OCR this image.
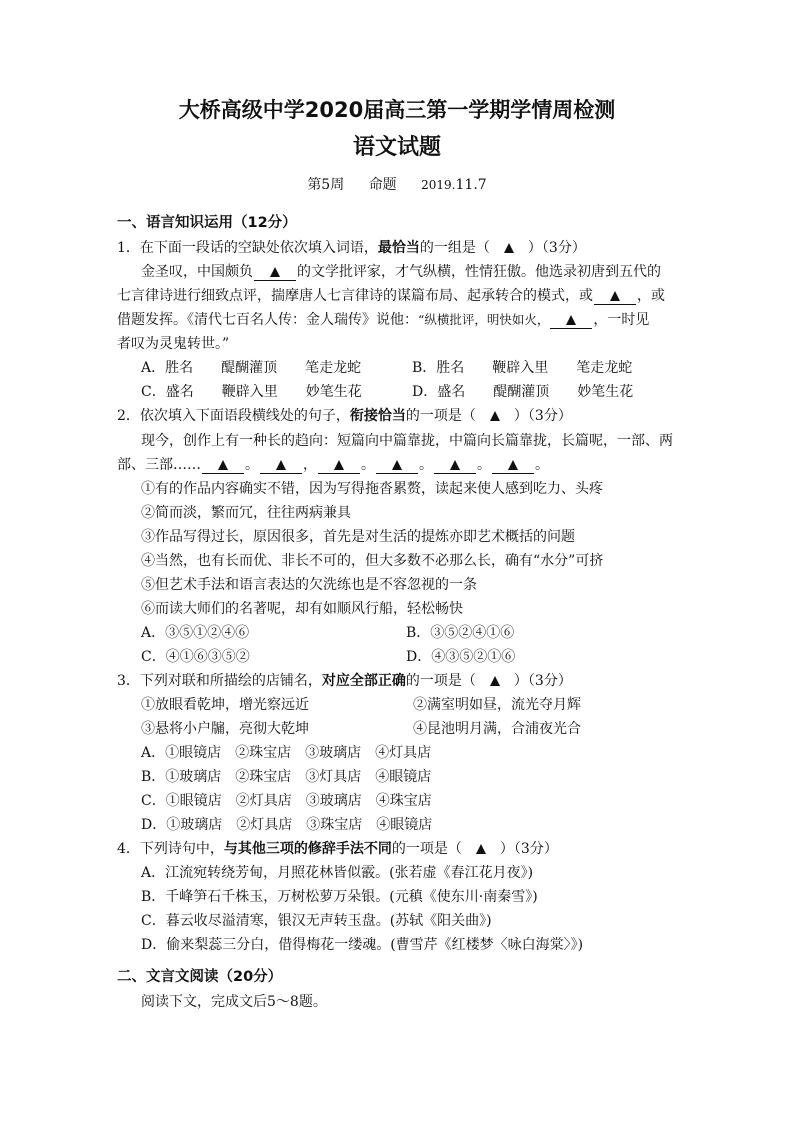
大桥高级中学2020届高三第一学期学情周检测
语文试题
第5周 命题 2019.11.7
一、语言知识运用（12分）
1．在下面一段话的空缺处依次填入词语，最恰当的一组是（　　	）（3分）
金圣叹，中国颇负	的文学批评家，才气纵横，性情狂傲。他选录初唐到五代的
七言律诗进行细致点评，揣摩唐人七言律诗的谋篇布局、起承转合的模式，或	，或
借题发挥。《清代七百名人传：金人瑞传》说他：“纵横批评，明快如火，	，一时见
者叹为灵鬼转世。”
A．胜名　　醍醐灌顶　　笔走龙蛇	B．胜名　　鞭辟入里　　笔走龙蛇
C．盛名　　鞭辟入里　　妙笔生花	D．盛名　　醍醐灌顶　　妙笔生花
2．依次填入下面语段横线处的句子，衔接恰当的一项是（　　	）（3分）
现今，创作上有一种长的趋向：短篇向中篇靠拢，中篇向长篇靠拢，长篇呢，一部、两
部、三部……	。	，	。	。	。	。
①有的作品内容确实不错，因为写得拖沓累赘，读起来使人感到吃力、头疼
②简而淡，繁而冗，往往两病兼具
③作品写得过长，原因很多，首先是对生活的提炼亦即艺术概括的问题
④当然，也有长而优、非长不可的，但大多数不必那么长，确有“水分”可挤
⑤但艺术手法和语言表达的欠洗练也是不容忽视的一条
⑥而读大师们的名著呢，却有如顺风行船，轻松畅快
A．③⑤①②④⑥	B．③⑤②④①⑥
C．④①⑥③⑤②	D．④③⑤②①⑥
3．下列对联和所描绘的店铺名，对应全部正确的一项是（　　	）（3分）
①放眼看乾坤，增光察远近	②满室明如昼，流光夺月辉
③悬将小户牖，亮彻大乾坤	④昆池明月满，合浦夜光合
A．①眼镜店　②珠宝店　③玻璃店　④灯具店
B．①玻璃店　②珠宝店　③灯具店　④眼镜店
C．①眼镜店　②灯具店　③玻璃店　④珠宝店
D．①玻璃店　②灯具店　③珠宝店　④眼镜店
4．下列诗句中，与其他三项的修辞手法不同的一项是（　　	）（3分）
A．江流宛转绕芳甸，月照花林皆似霰。(张若虚《春江花月夜》)
B．千峰笋石千株玉，万树松萝万朵银。(元稹《使东川·南秦雪》)
C．暮云收尽溢清寒，银汉无声转玉盘。(苏轼《阳关曲》)
D．偷来梨蕊三分白，借得梅花一缕魂。(曹雪芹《红楼梦〈咏白海棠〉》)
二、文言文阅读（20分）
阅读下文，完成文后5～8题。
